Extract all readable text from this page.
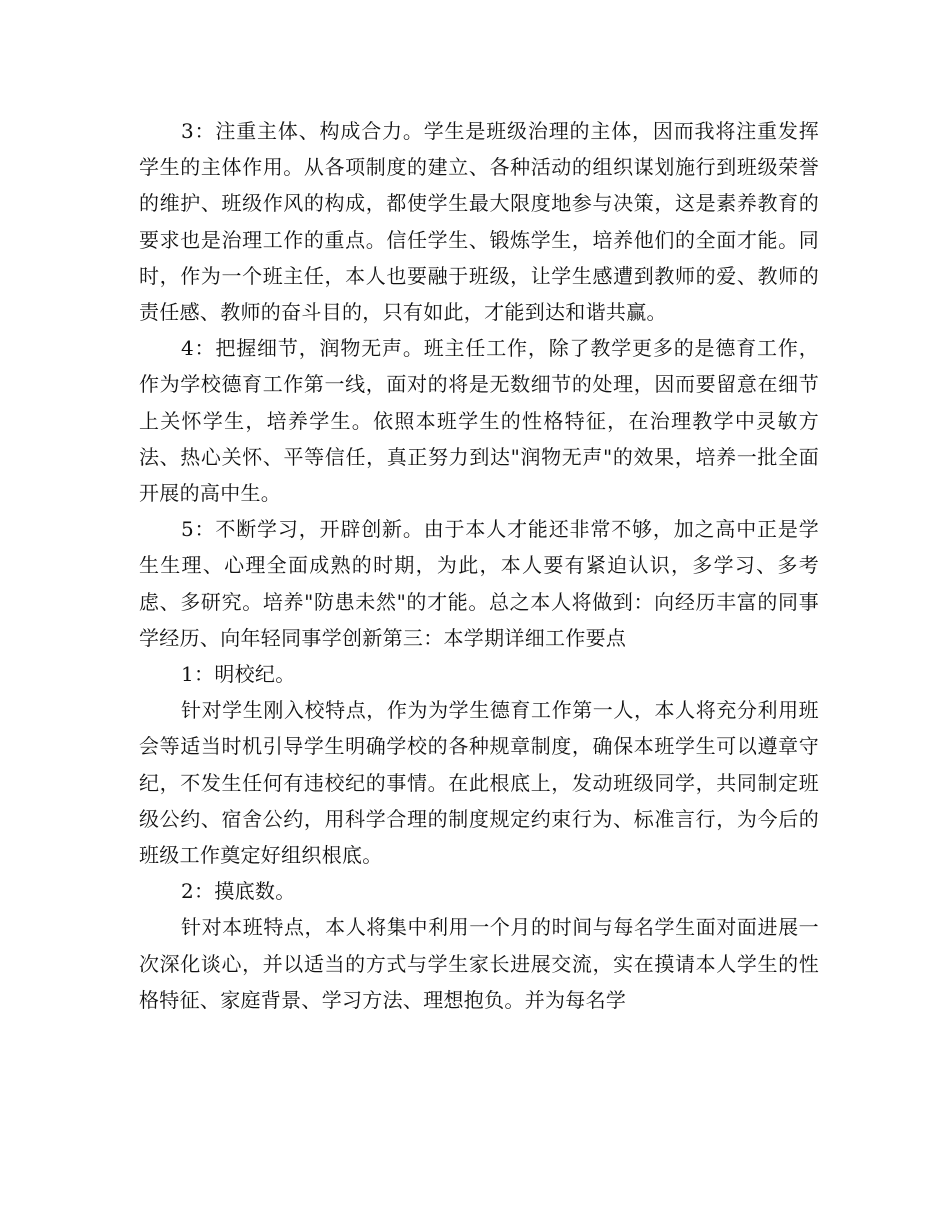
3：注重主体、构成合力。学生是班级治理的主体，因而我将注重发挥学生的主体作用。从各项制度的建立、各种活动的组织谋划施行到班级荣誉的维护、班级作风的构成，都使学生最大限度地参与决策，这是素养教育的要求也是治理工作的重点。信任学生、锻炼学生，培养他们的全面才能。同时，作为一个班主任，本人也要融于班级，让学生感遭到教师的爱、教师的责任感、教师的奋斗目的，只有如此，才能到达和谐共赢。

4：把握细节，润物无声。班主任工作，除了教学更多的是德育工作，作为学校德育工作第一线，面对的将是无数细节的处理，因而要留意在细节上关怀学生，培养学生。依照本班学生的性格特征，在治理教学中灵敏方法、热心关怀、平等信任，真正努力到达"润物无声"的效果，培养一批全面开展的高中生。

5：不断学习，开辟创新。由于本人才能还非常不够，加之高中正是学生生理、心理全面成熟的时期，为此，本人要有紧迫认识，多学习、多考虑、多研究。培养"防患未然"的才能。总之本人将做到：向经历丰富的同事学经历、向年轻同事学创新第三：本学期详细工作要点

1：明校纪。

针对学生刚入校特点，作为为学生德育工作第一人，本人将充分利用班会等适当时机引导学生明确学校的各种规章制度，确保本班学生可以遵章守纪，不发生任何有违校纪的事情。在此根底上，发动班级同学，共同制定班级公约、宿舍公约，用科学合理的制度规定约束行为、标准言行，为今后的班级工作奠定好组织根底。

2：摸底数。

针对本班特点，本人将集中利用一个月的时间与每名学生面对面进展一次深化谈心，并以适当的方式与学生家长进展交流，实在摸请本人学生的性格特征、家庭背景、学习方法、理想抱负。并为每名学
